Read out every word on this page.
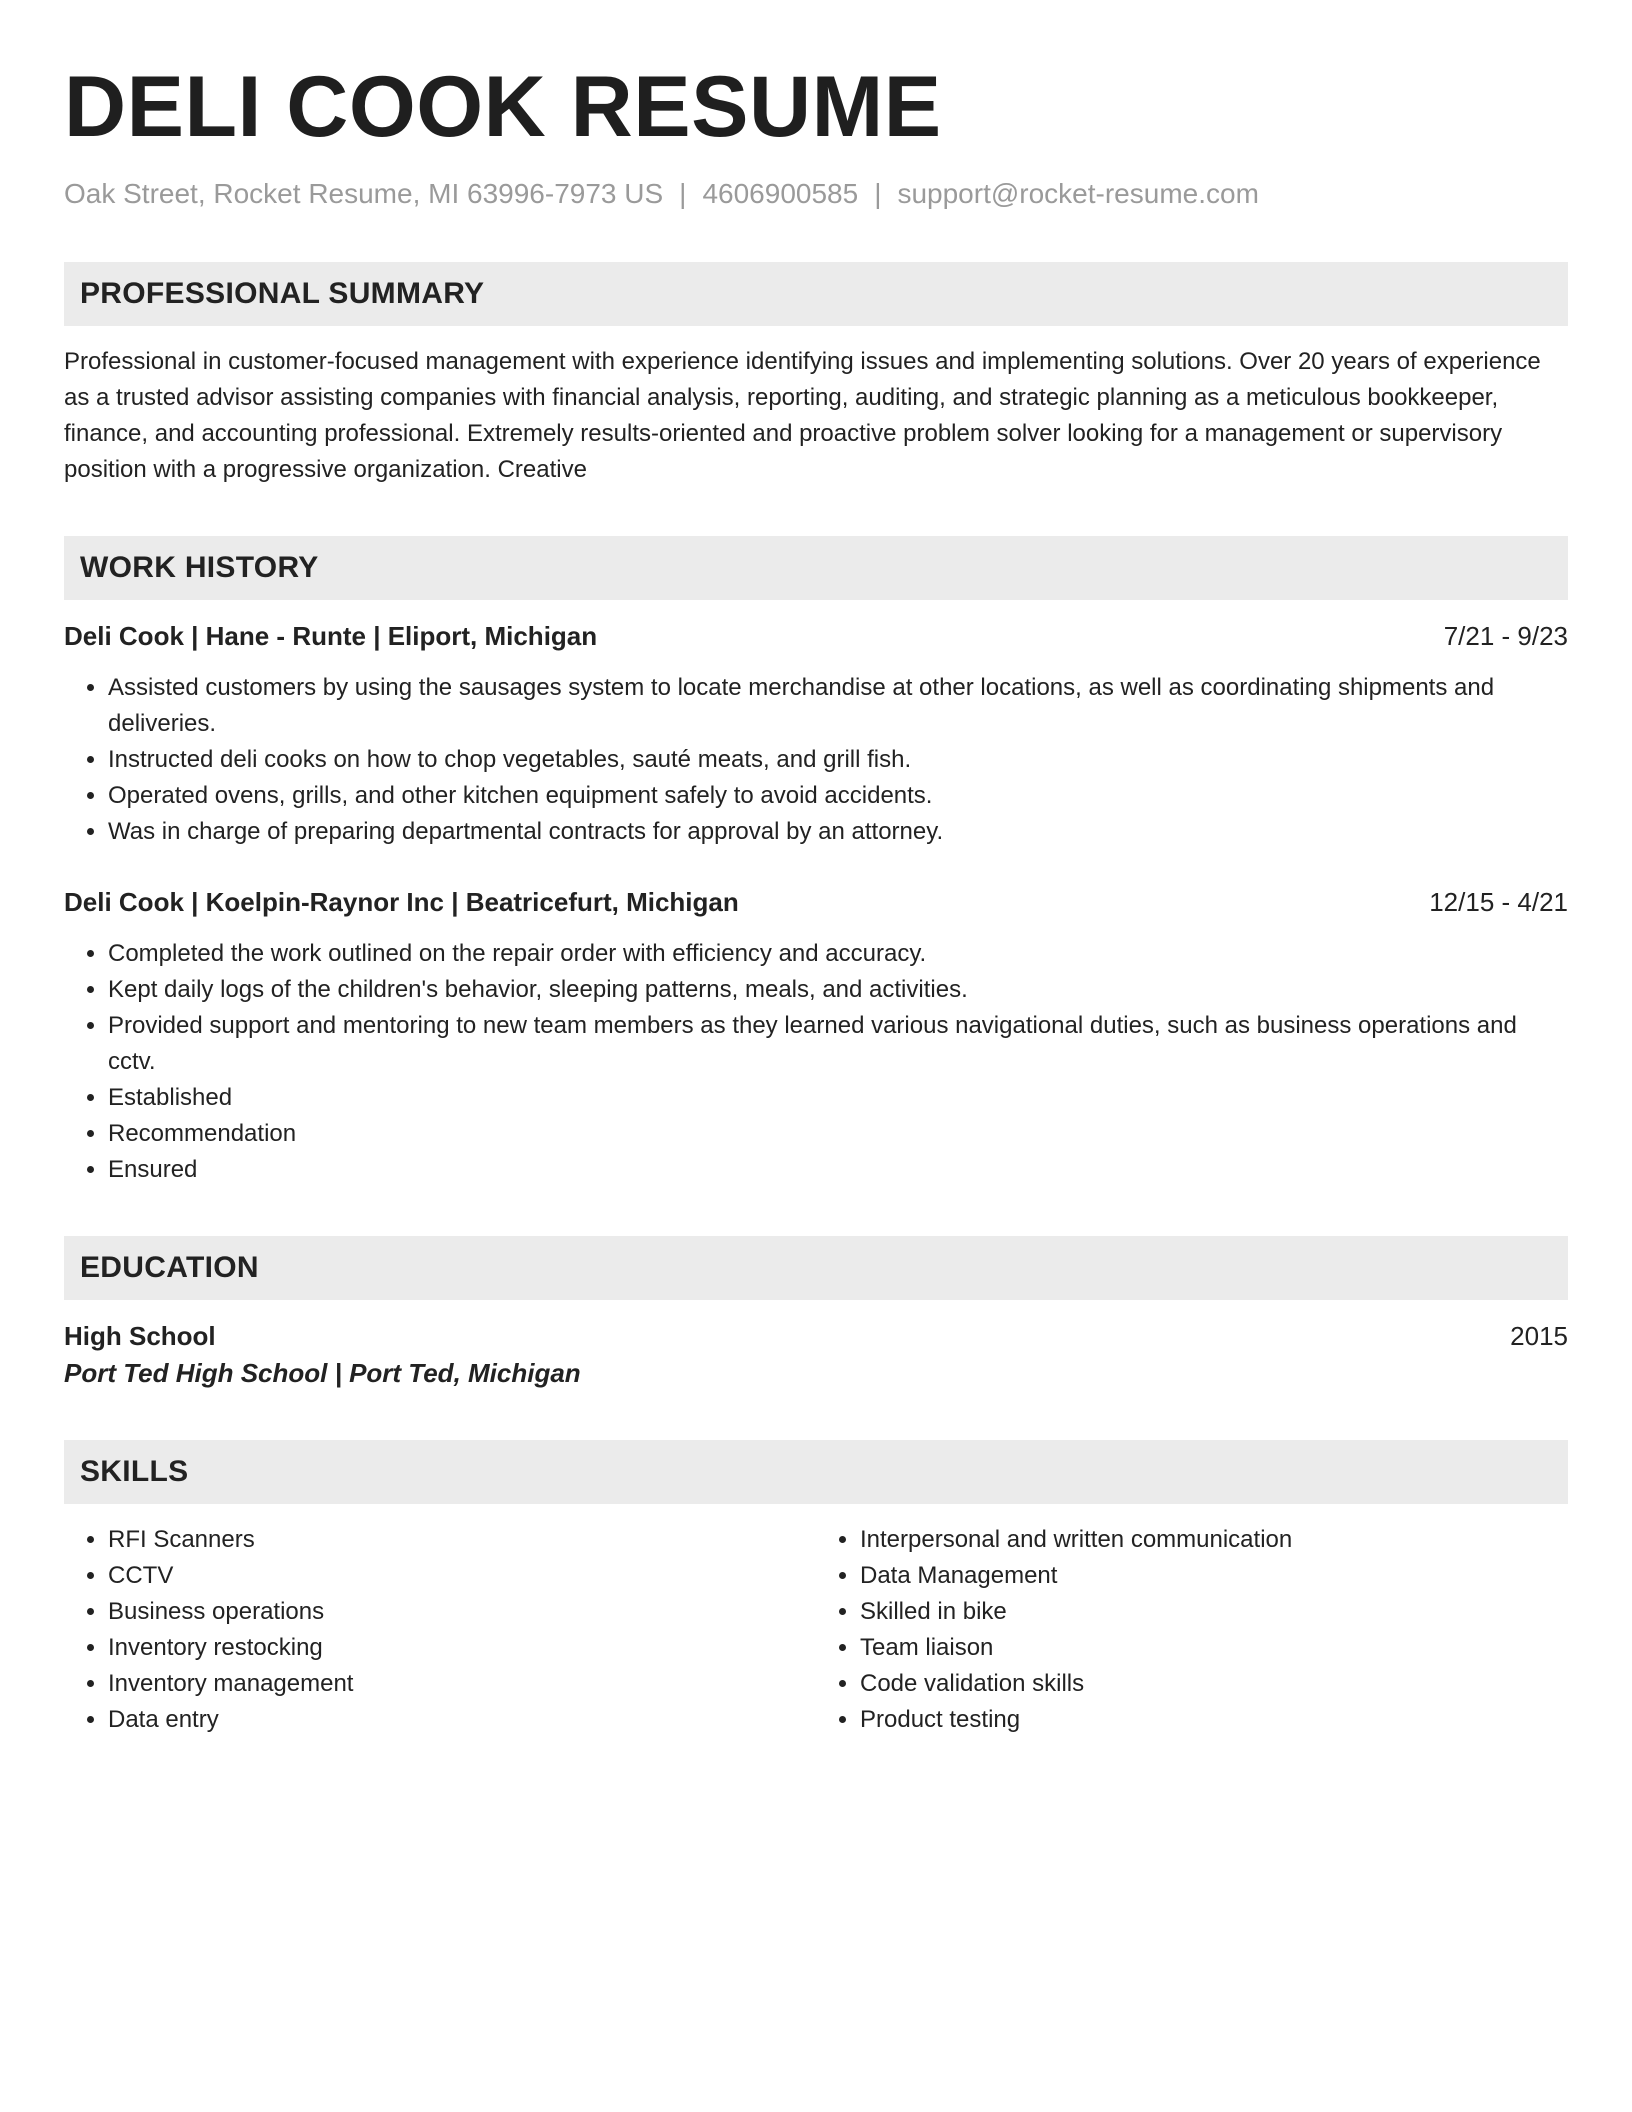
DELI COOK RESUME
Oak Street, Rocket Resume, MI 63996-7973 US | 4606900585 | support@rocket-resume.com
PROFESSIONAL SUMMARY

Professional in customer-focused management with experience identifying issues and implementing solutions. Over 20 years of experience as a trusted advisor assisting companies with financial analysis, reporting, auditing, and strategic planning as a meticulous bookkeeper, finance, and accounting professional. Extremely results-oriented and proactive problem solver looking for a management or supervisory position with a progressive organization. Creative

WORK HISTORY
Deli Cook | Hane - Runte | Eliport, Michigan	7/21 - 9/23
• Assisted customers by using the sausages system to locate merchandise at other locations, as well as coordinating shipments and deliveries.
• Instructed deli cooks on how to chop vegetables, sauté meats, and grill fish.
• Operated ovens, grills, and other kitchen equipment safely to avoid accidents.
• Was in charge of preparing departmental contracts for approval by an attorney.
Deli Cook | Koelpin-Raynor Inc | Beatricefurt, Michigan	12/15 - 4/21
• Completed the work outlined on the repair order with efficiency and accuracy.
• Kept daily logs of the children's behavior, sleeping patterns, meals, and activities.
• Provided support and mentoring to new team members as they learned various navigational duties, such as business operations and cctv.
• Established
• Recommendation
• Ensured
EDUCATION
High School	2015
Port Ted High School | Port Ted, Michigan
SKILLS
• RFI Scanners
• CCTV
• Business operations
• Inventory restocking
• Inventory management
• Data entry
• Interpersonal and written communication
• Data Management
• Skilled in bike
• Team liaison
• Code validation skills
• Product testing
